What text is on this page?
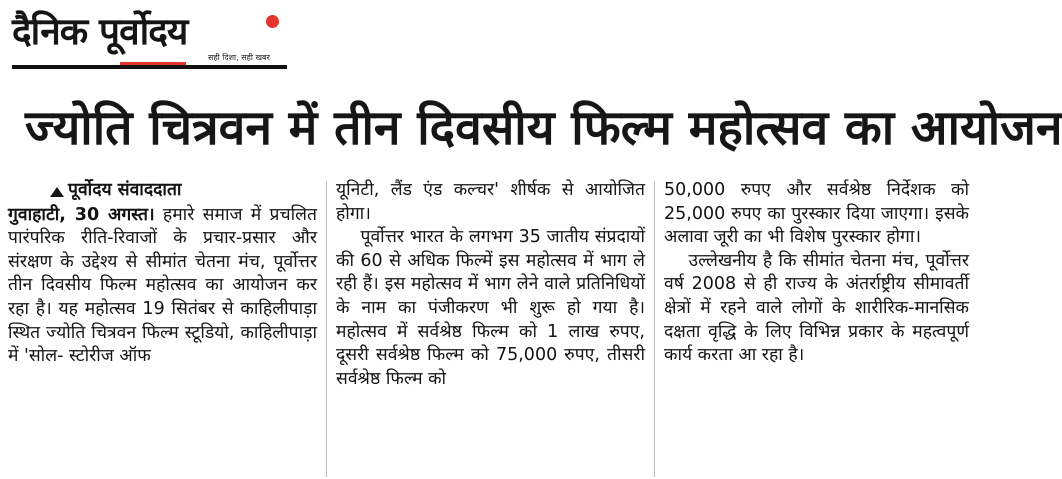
दैनिक पूर्वोदय
सही दिशा, सही खबर
ज्योति चित्रवन में तीन दिवसीय फिल्म महोत्सव का आयोजन
पूर्वोदय संवाददाता

गुवाहाटी, 30 अगस्त। हमारे समाज में प्रचलित पारंपरिक रीति-रिवाजों के प्रचार-प्रसार और संरक्षण के उद्देश्य से सीमांत चेतना मंच, पूर्वोत्तर तीन दिवसीय फिल्म महोत्सव का आयोजन कर रहा है। यह महोत्सव 19 सितंबर से काहिलीपाड़ा स्थित ज्योति चित्रवन फिल्म स्टूडियो, काहिलीपाड़ा में 'सोल- स्टोरीज ऑफ

यूनिटी, लैंड एंड कल्चर' शीर्षक से आयोजित होगा।

पूर्वोत्तर भारत के लगभग 35 जातीय संप्रदायों की 60 से अधिक फिल्में इस महोत्सव में भाग ले रही हैं। इस महोत्सव में भाग लेने वाले प्रतिनिधियों के नाम का पंजीकरण भी शुरू हो गया है। महोत्सव में सर्वश्रेष्ठ फिल्म को 1 लाख रुपए, दूसरी सर्वश्रेष्ठ फिल्म को 75,000 रुपए, तीसरी सर्वश्रेष्ठ फिल्म को

50,000 रुपए और सर्वश्रेष्ठ निर्देशक को 25,000 रुपए का पुरस्कार दिया जाएगा। इसके अलावा जूरी का भी विशेष पुरस्कार होगा।

उल्लेखनीय है कि सीमांत चेतना मंच, पूर्वोत्तर वर्ष 2008 से ही राज्य के अंतर्राष्ट्रीय सीमावर्ती क्षेत्रों में रहने वाले लोगों के शारीरिक-मानसिक दक्षता वृद्धि के लिए विभिन्न प्रकार के महत्वपूर्ण कार्य करता आ रहा है।
